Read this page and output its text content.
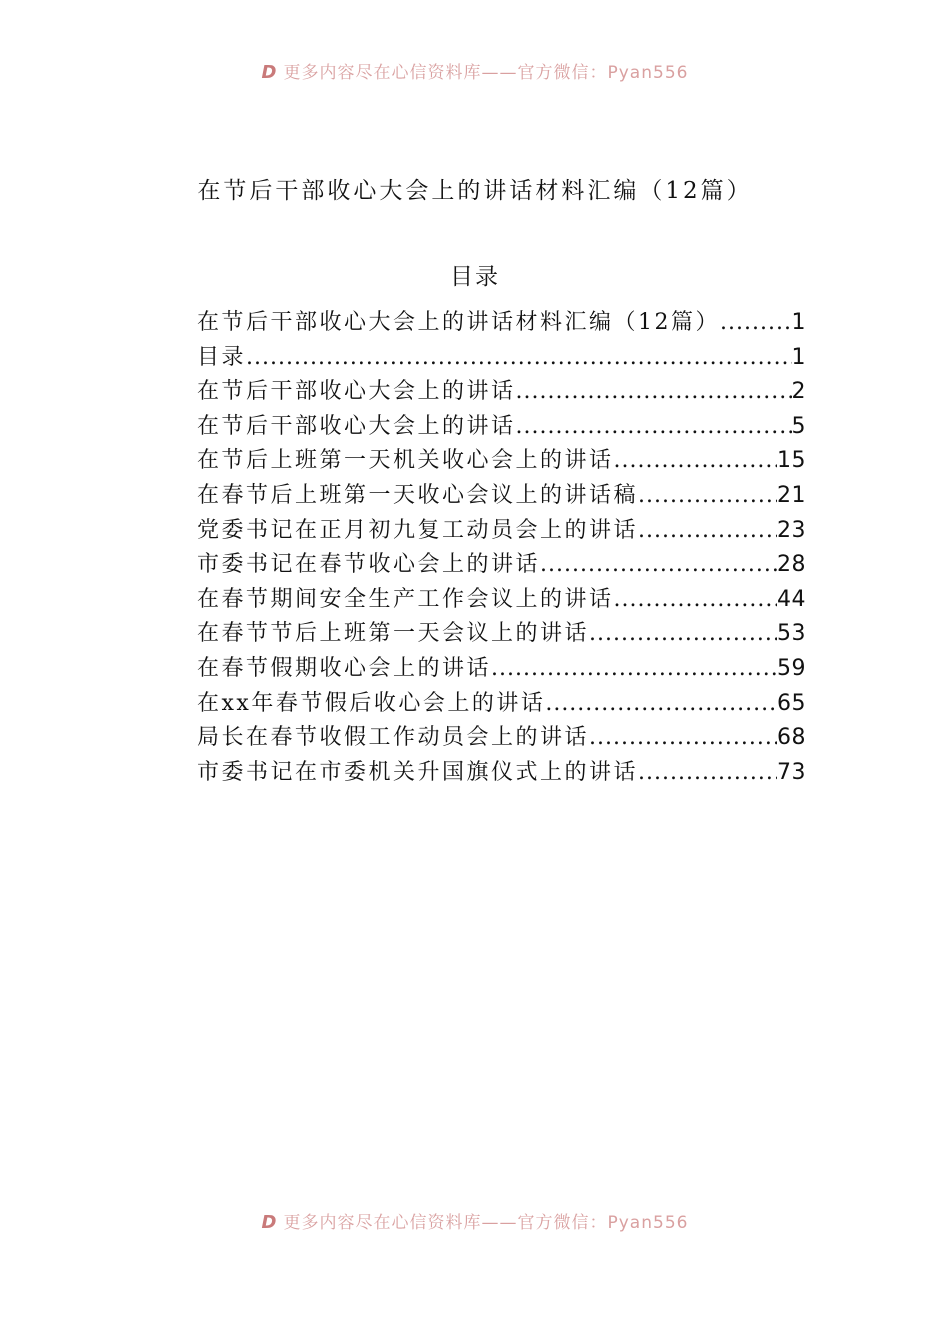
D 更多内容尽在心信资料库——官方微信：Pyan556
在节后干部收心大会上的讲话材料汇编（12篇）
目录
在节后干部收心大会上的讲话材料汇编（12篇） .....	1
目录 .....	1
在节后干部收心大会上的讲话 .....	2
在节后干部收心大会上的讲话 .....	5
在节后上班第一天机关收心会上的讲话 .....	15
在春节后上班第一天收心会议上的讲话稿 .....	21
党委书记在正月初九复工动员会上的讲话 .....	23
市委书记在春节收心会上的讲话 .....	28
在春节期间安全生产工作会议上的讲话 .....	44
在春节节后上班第一天会议上的讲话 .....	53
在春节假期收心会上的讲话 .....	59
在xx年春节假后收心会上的讲话 .....	65
局长在春节收假工作动员会上的讲话 .....	68
市委书记在市委机关升国旗仪式上的讲话 .....	73
D 更多内容尽在心信资料库——官方微信：Pyan556
